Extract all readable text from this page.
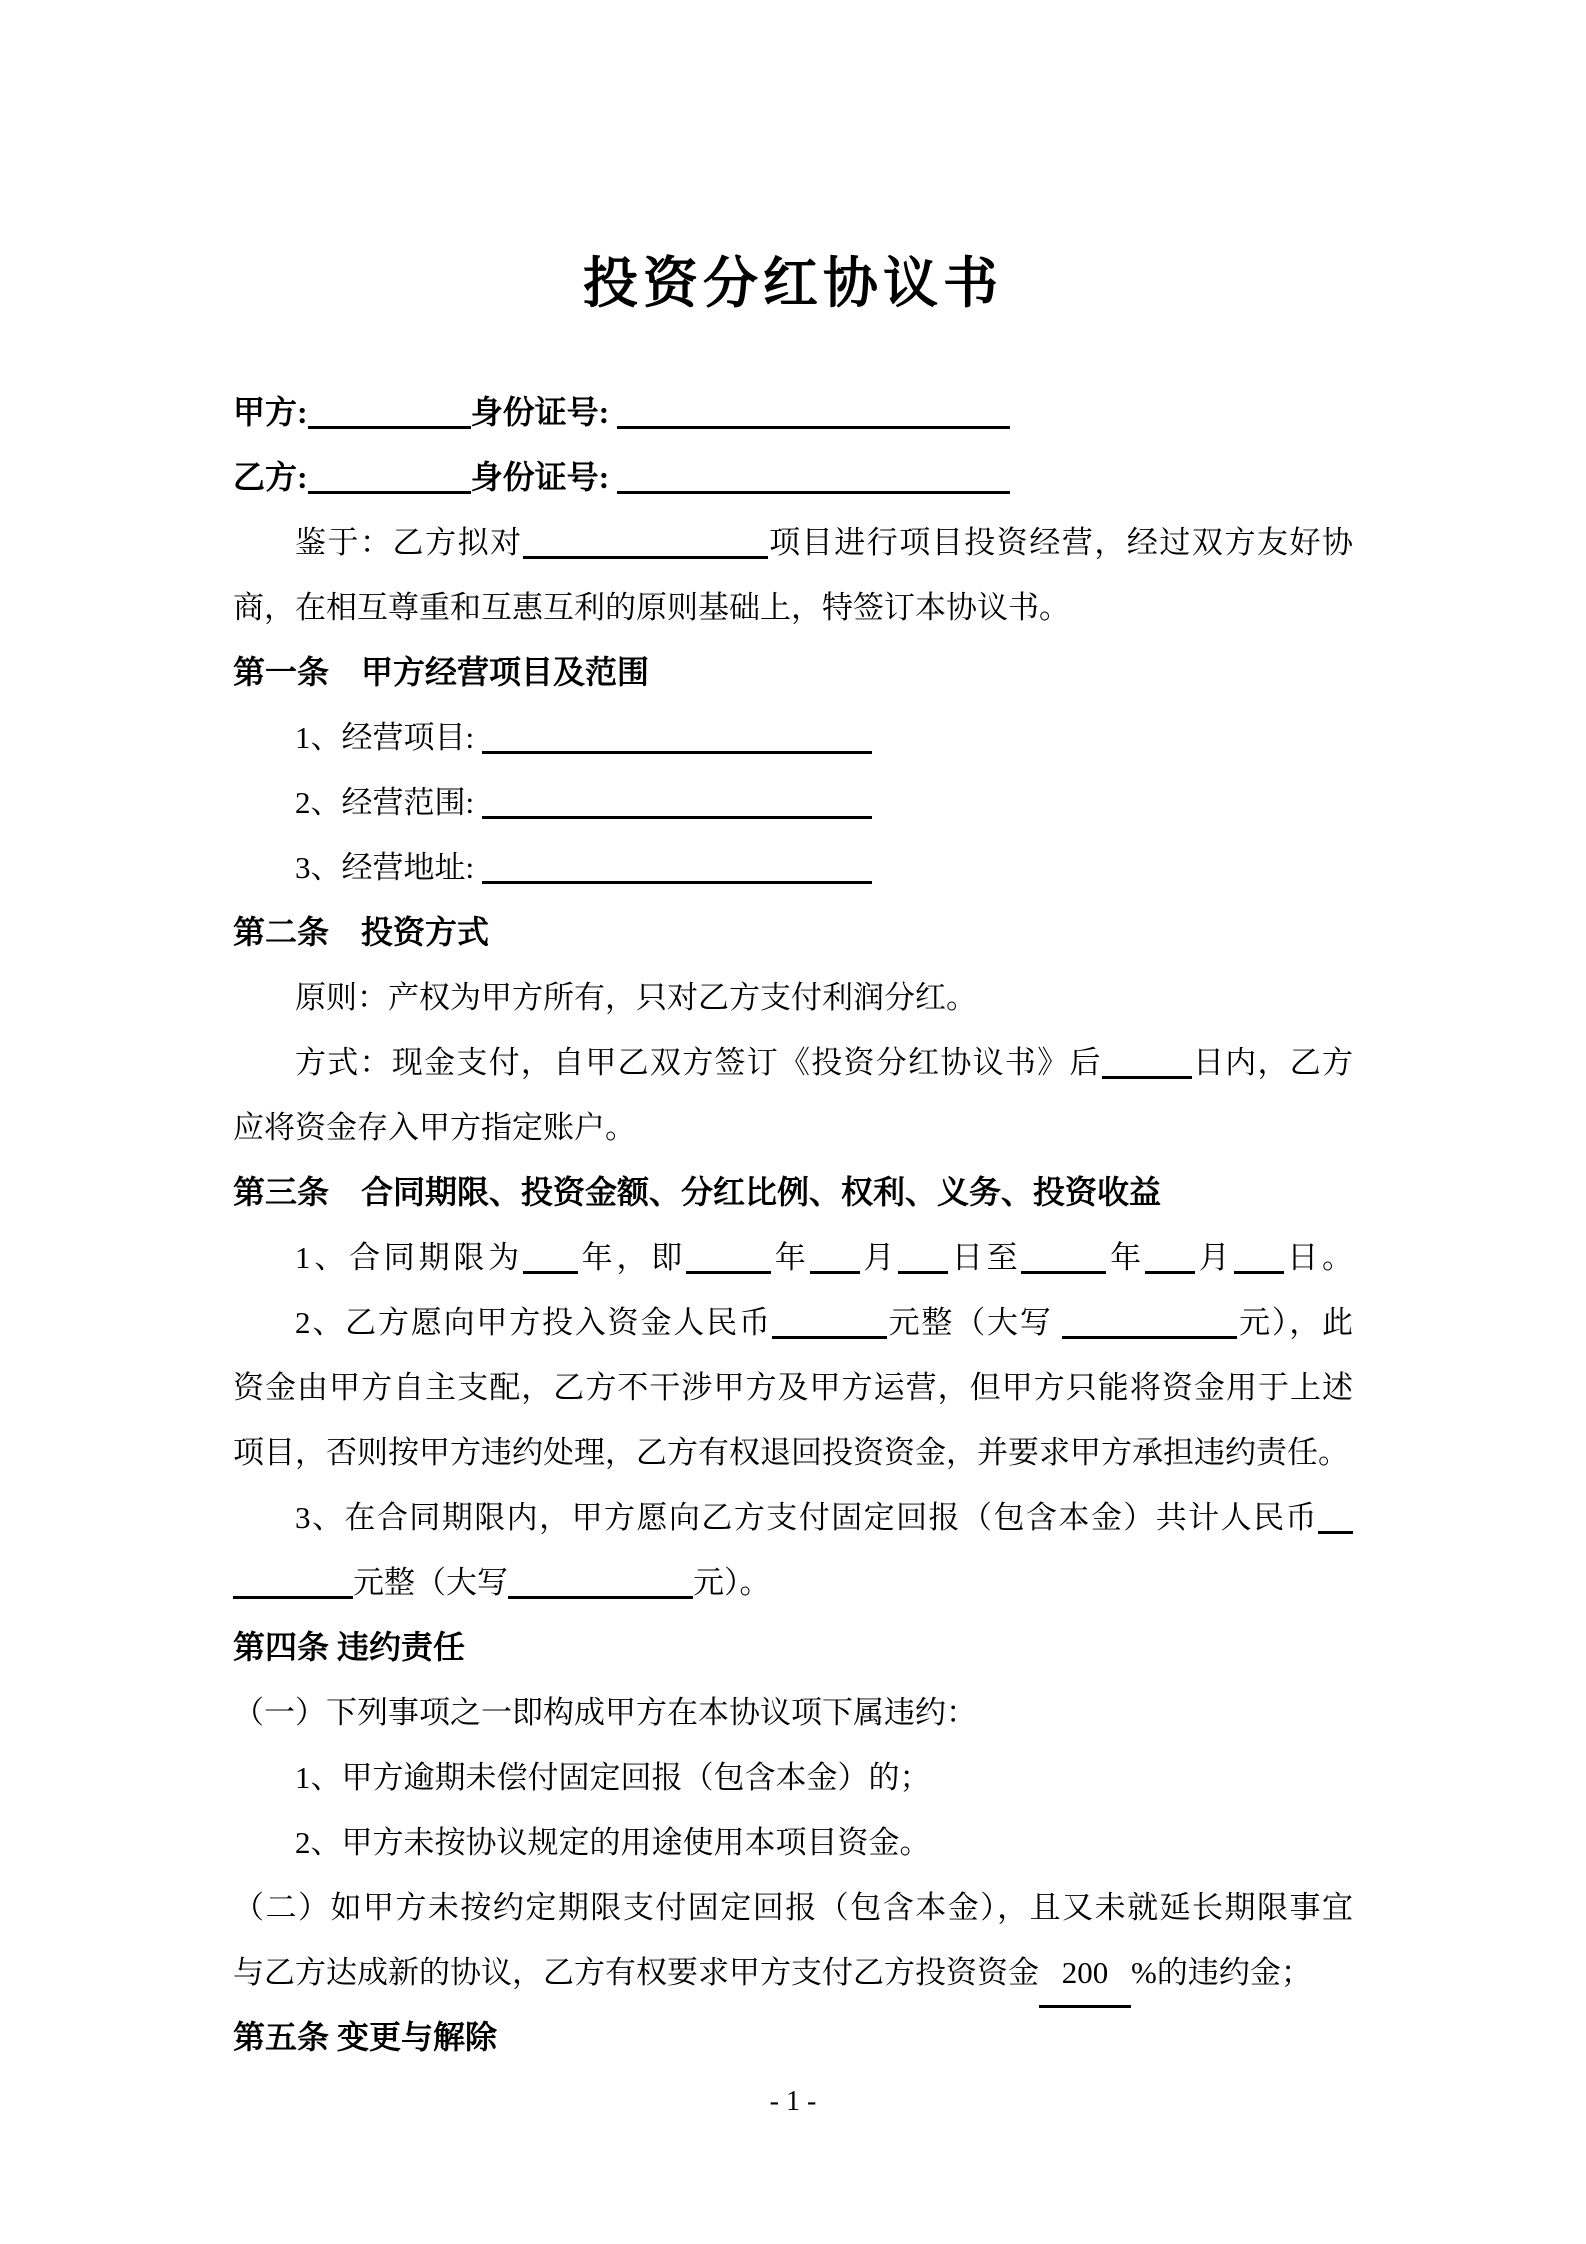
投资分红协议书
甲方:	身份证号:
乙方:	身份证号:
鉴于：乙方拟对	项目进行项目投资经营，经过双方友好协
商，在相互尊重和互惠互利的原则基础上，特签订本协议书。
第一条　甲方经营项目及范围
1、经营项目:
2、经营范围:
3、经营地址:
第二条　投资方式
原则：产权为甲方所有，只对乙方支付利润分红。
方式：现金支付，自甲乙双方签订《投资分红协议书》后	日内，乙方
应将资金存入甲方指定账户。
第三条　合同期限、投资金额、分红比例、权利、义务、投资收益
1、合同期限为 年，即	年 月 日至	年 月 日。
2、乙方愿向甲方投入资金人民币	元整（大写	元），此
资金由甲方自主支配，乙方不干涉甲方及甲方运营，但甲方只能将资金用于上述
项目，否则按甲方违约处理，乙方有权退回投资资金，并要求甲方承担违约责任。
3、在合同期限内，甲方愿向乙方支付固定回报（包含本金）共计人民币
元整（大写	元）。
第四条 违约责任
（一）下列事项之一即构成甲方在本协议项下属违约：
1、甲方逾期未偿付固定回报（包含本金）的；
2、甲方未按协议规定的用途使用本项目资金。
（二）如甲方未按约定期限支付固定回报（包含本金），且又未就延长期限事宜
与乙方达成新的协议，乙方有权要求甲方支付乙方投资资金 200 %的违约金；
第五条 变更与解除
- 1 -
